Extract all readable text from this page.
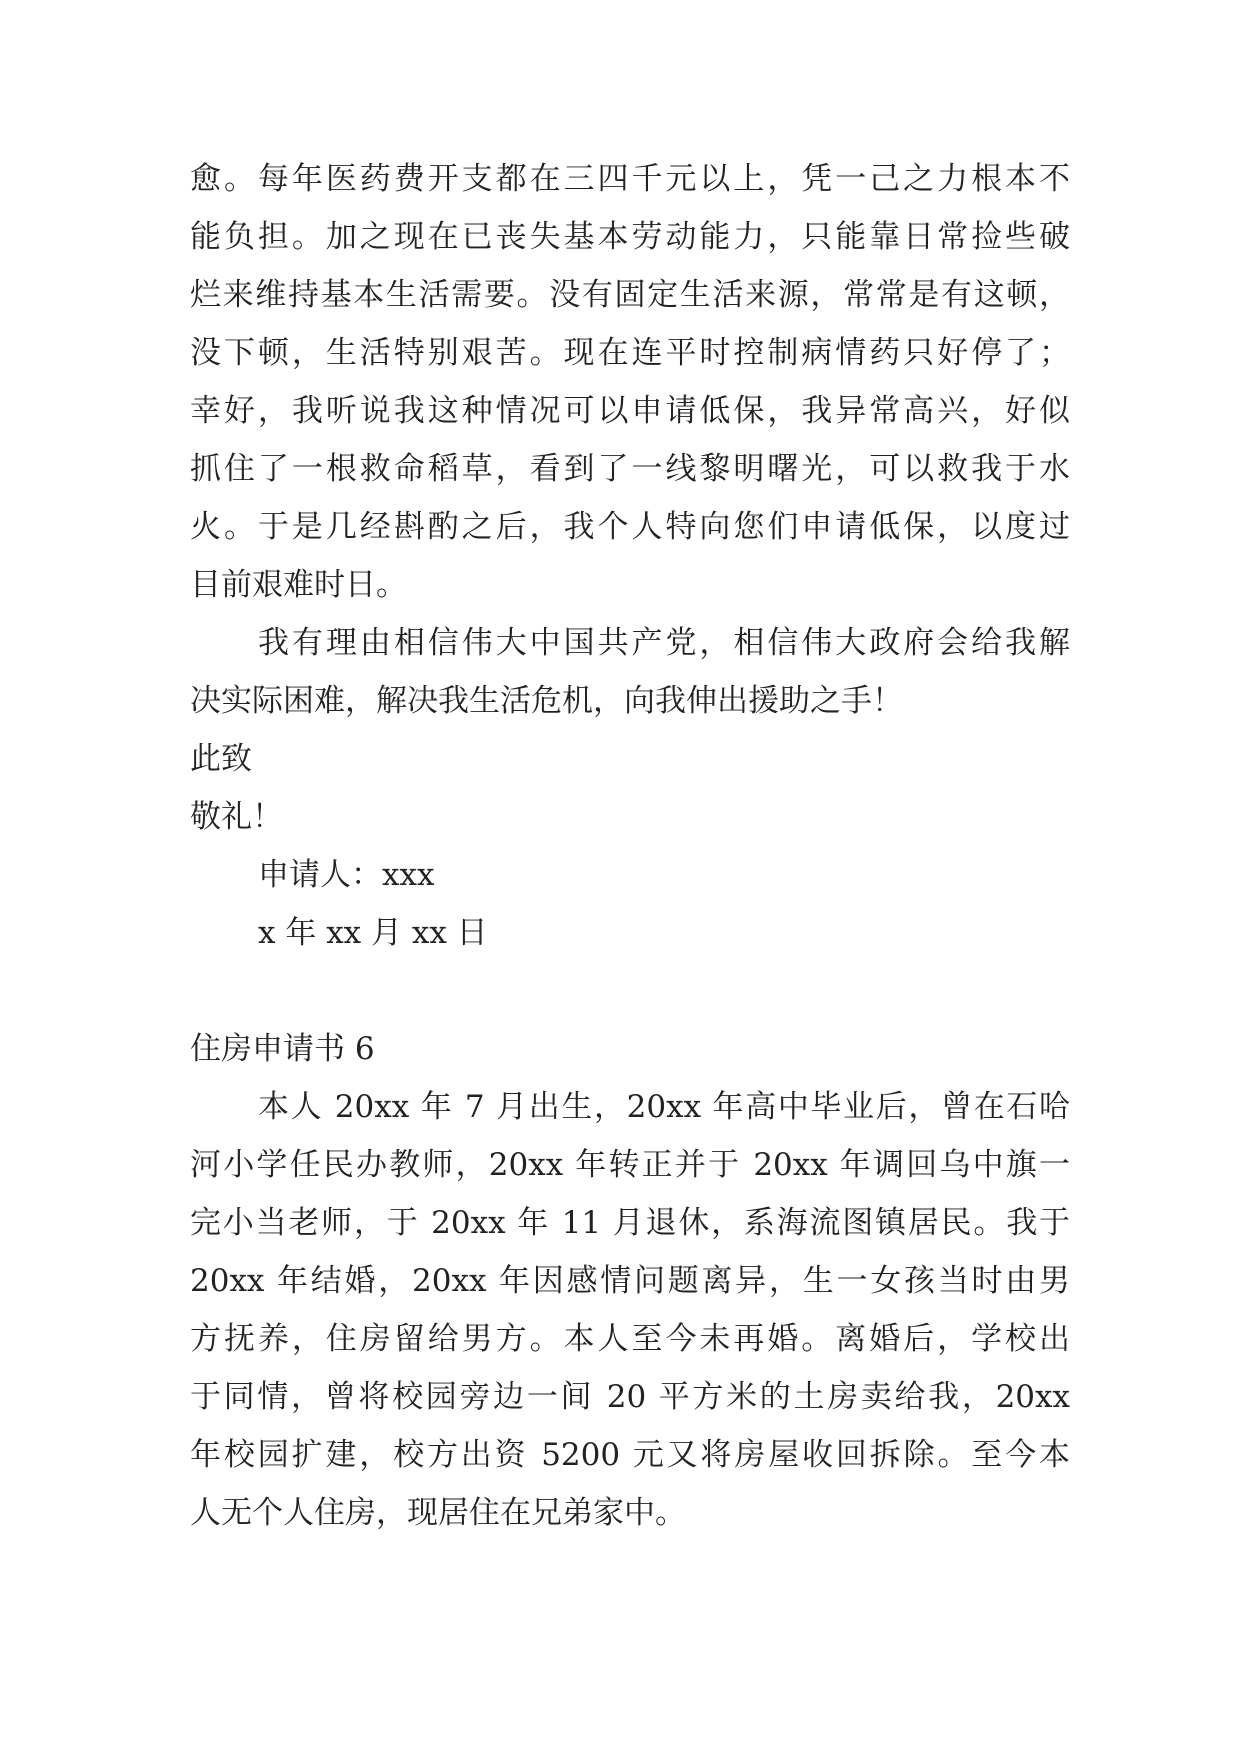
愈。每年医药费开支都在三四千元以上，凭一己之力根本不
能负担。加之现在已丧失基本劳动能力，只能靠日常捡些破
烂来维持基本生活需要。没有固定生活来源，常常是有这顿，
没下顿，生活特别艰苦。现在连平时控制病情药只好停了；
幸好，我听说我这种情况可以申请低保，我异常高兴，好似
抓住了一根救命稻草，看到了一线黎明曙光，可以救我于水
火。于是几经斟酌之后，我个人特向您们申请低保，以度过
目前艰难时日。
我有理由相信伟大中国共产党，相信伟大政府会给我解
决实际困难，解决我生活危机，向我伸出援助之手！
此致
敬礼！
申请人：xxx
x 年 xx 月 xx 日
住房申请书 6
本人 20xx 年 7 月出生，20xx 年高中毕业后，曾在石哈
河小学任民办教师，20xx 年转正并于 20xx 年调回乌中旗一
完小当老师，于 20xx 年 11 月退休，系海流图镇居民。我于
20xx 年结婚，20xx 年因感情问题离异，生一女孩当时由男
方抚养，住房留给男方。本人至今未再婚。离婚后，学校出
于同情，曾将校园旁边一间 20 平方米的土房卖给我，20xx
年校园扩建，校方出资 5200 元又将房屋收回拆除。至今本
人无个人住房，现居住在兄弟家中。
